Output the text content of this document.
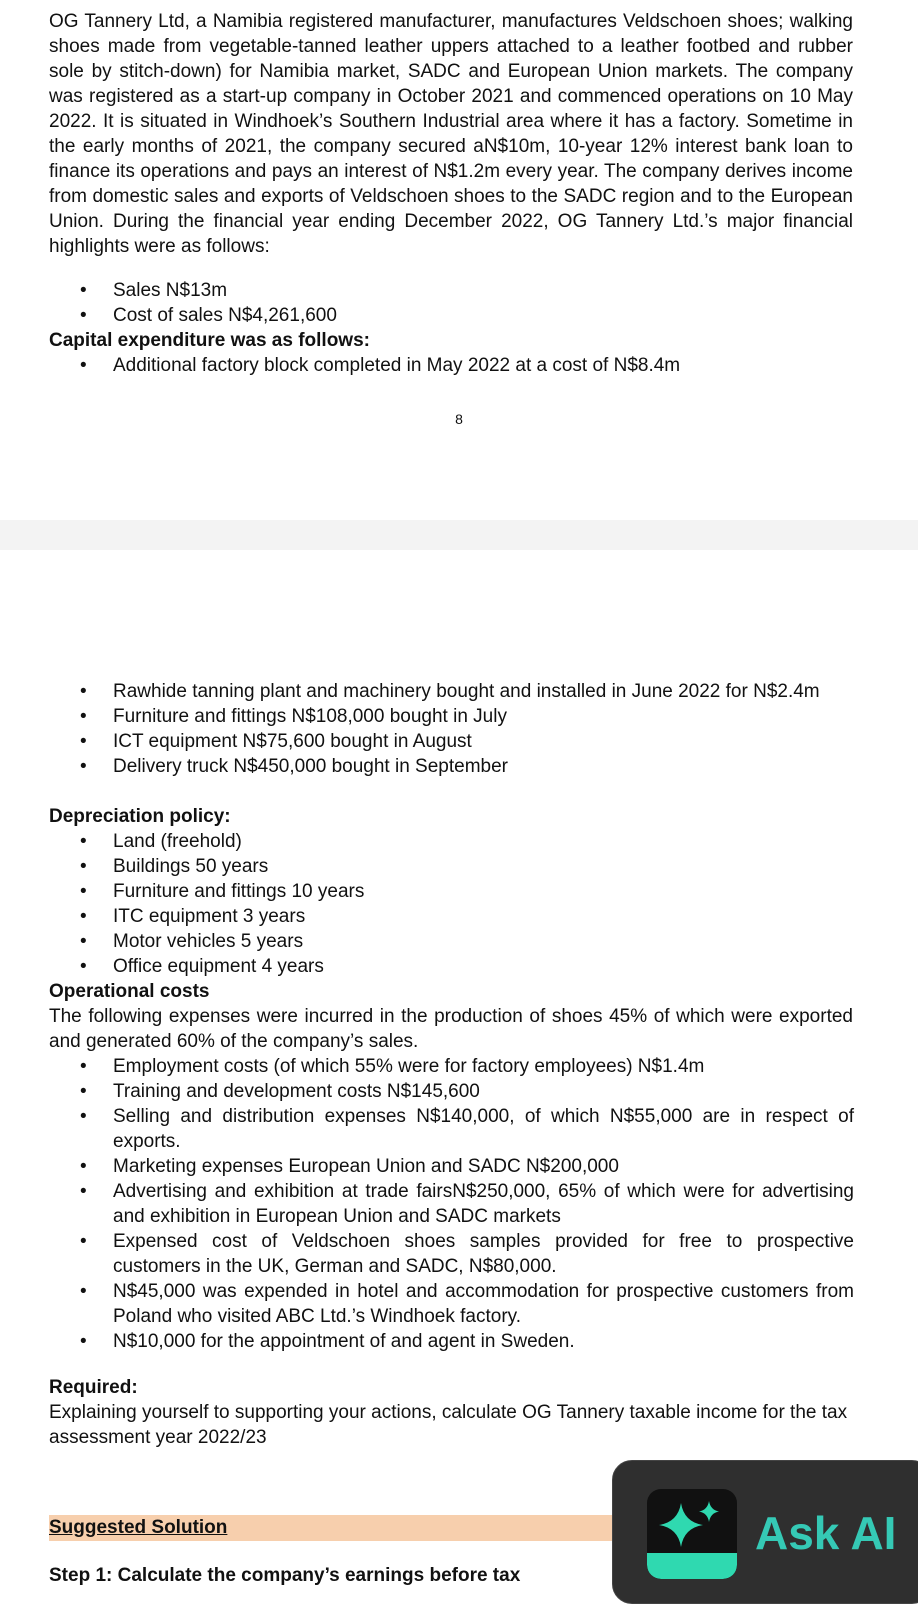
OG Tannery Ltd, a Namibia registered manufacturer, manufactures Veldschoen shoes; walking shoes made from vegetable-tanned leather uppers attached to a leather footbed and rubber sole by stitch-down) for Namibia market, SADC and European Union markets. The company was registered as a start-up company in October 2021 and commenced operations on 10 May 2022. It is situated in Windhoek’s Southern Industrial area where it has a factory. Sometime in the early months of 2021, the company secured aN$10m, 10-year 12% interest bank loan to finance its operations and pays an interest of N$1.2m every year. The company derives income from domestic sales and exports of Veldschoen shoes to the SADC region and to the European Union. During the financial year ending December 2022, OG Tannery Ltd.’s major financial highlights were as follows:
• Sales N$13m
• Cost of sales N$4,261,600
Capital expenditure was as follows:
• Additional factory block completed in May 2022 at a cost of N$8.4m
8
• Rawhide tanning plant and machinery bought and installed in June 2022 for N$2.4m
• Furniture and fittings N$108,000 bought in July
• ICT equipment N$75,600 bought in August
• Delivery truck N$450,000 bought in September
Depreciation policy:
• Land (freehold)
• Buildings 50 years
• Furniture and fittings 10 years
• ITC equipment 3 years
• Motor vehicles 5 years
• Office equipment 4 years
Operational costs
The following expenses were incurred in the production of shoes 45% of which were exported and generated 60% of the company’s sales.
• Employment costs (of which 55% were for factory employees) N$1.4m
• Training and development costs N$145,600
• Selling and distribution expenses N$140,000, of which N$55,000 are in respect of exports.
• Marketing expenses European Union and SADC N$200,000
• Advertising and exhibition at trade fairsN$250,000, 65% of which were for advertising and exhibition in European Union and SADC markets
• Expensed cost of Veldschoen shoes samples provided for free to prospective customers in the UK, German and SADC, N$80,000.
• N$45,000 was expended in hotel and accommodation for prospective customers from Poland who visited ABC Ltd.’s Windhoek factory.
• N$10,000 for the appointment of and agent in Sweden.
Required:
Explaining yourself to supporting your actions, calculate OG Tannery taxable income for the tax assessment year 2022/23
Suggested Solution
Step 1: Calculate the company’s earnings before tax
Ask AI
